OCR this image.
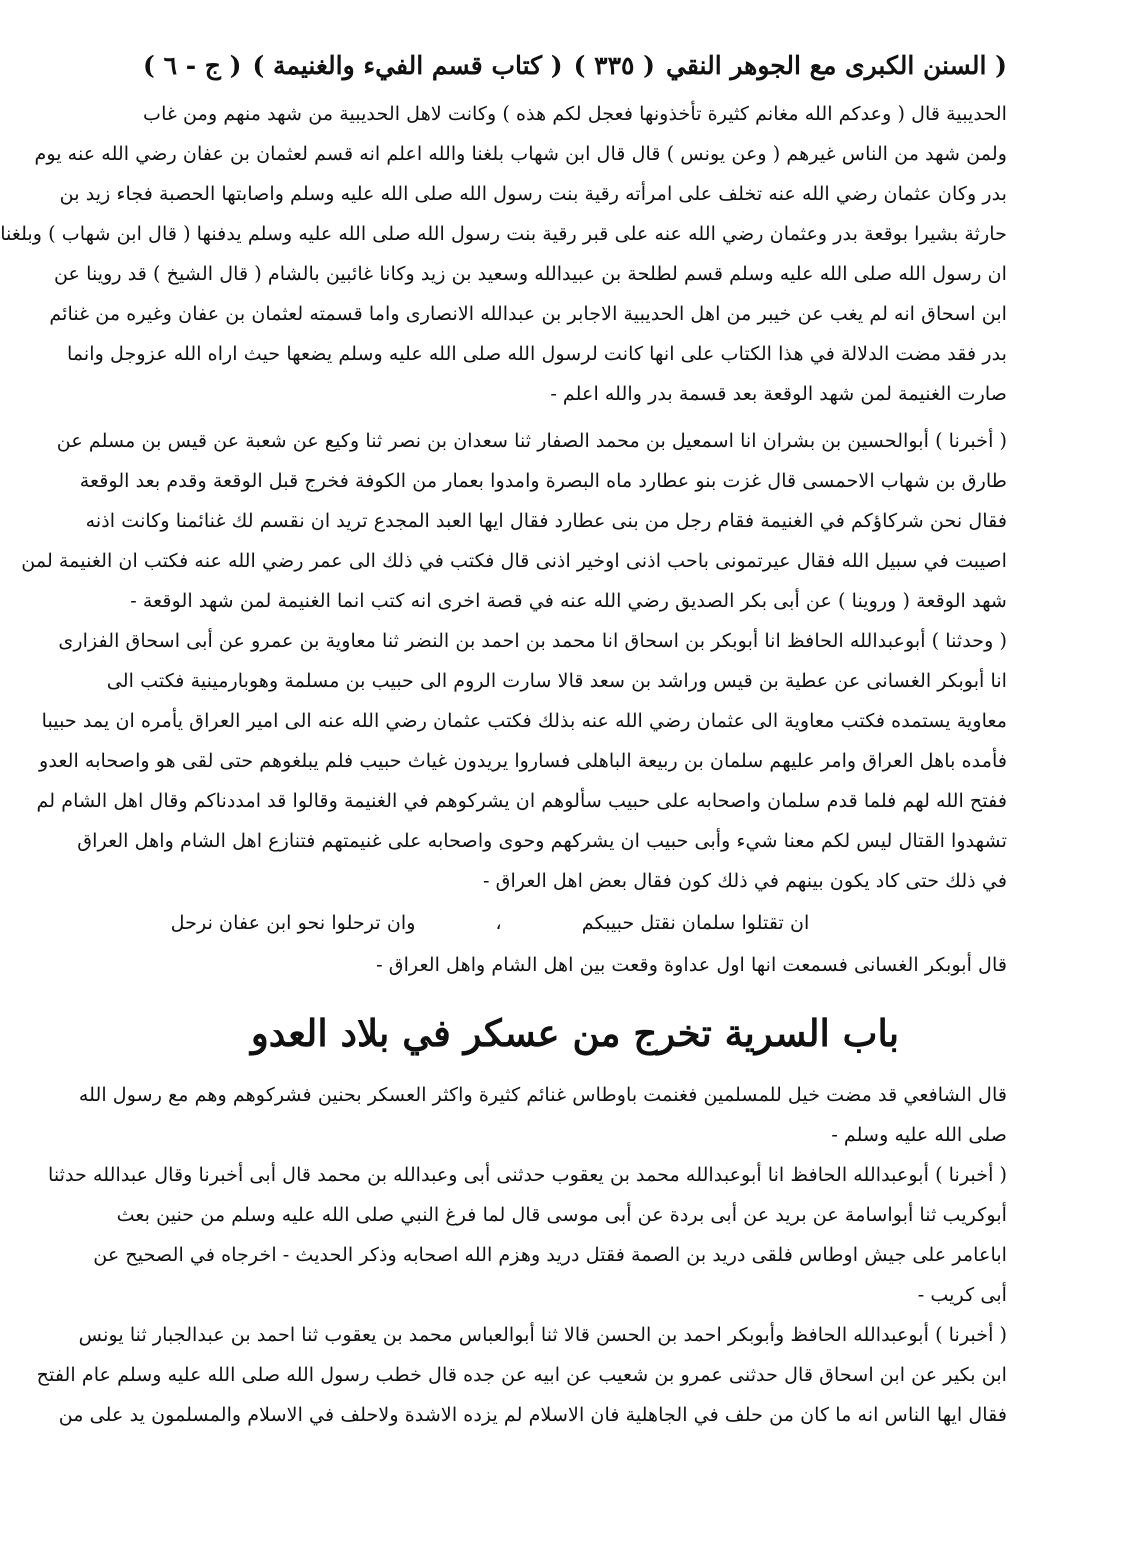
( السنن الكبرى مع الجوهر النقي
( ٣٣٥ )
( كتاب قسم الفيء والغنيمة )
( ج - ٦ )
الحديبية قال ( وعدكم الله مغانم كثيرة تأخذونها فعجل لكم هذه ) وكانت لاهل الحديبية من شهد منهم ومن غاب
ولمن شهد من الناس غيرهم ( وعن يونس ) قال قال ابن شهاب بلغنا والله اعلم انه قسم لعثمان بن عفان رضي الله عنه يوم
بدر وكان عثمان رضي الله عنه تخلف على امرأته رقية بنت رسول الله صلى الله عليه وسلم واصابتها الحصبة فجاء زيد بن
حارثة بشيرا بوقعة بدر وعثمان رضي الله عنه على قبر رقية بنت رسول الله صلى الله عليه وسلم يدفنها ( قال ابن شهاب ) وبلغنا
ان رسول الله صلى الله عليه وسلم قسم لطلحة بن عبيدالله وسعيد بن زيد وكانا غائبين بالشام ( قال الشيخ ) قد روينا عن
ابن اسحاق انه لم يغب عن خيبر من اهل الحديبية الاجابر بن عبدالله الانصارى واما قسمته لعثمان بن عفان وغيره من غنائم
بدر فقد مضت الدلالة في هذا الكتاب على انها كانت لرسول الله صلى الله عليه وسلم يضعها حيث اراه الله عزوجل وانما
صارت الغنيمة لمن شهد الوقعة بعد قسمة بدر والله اعلم -
( أخبرنا ) أبوالحسين بن بشران انا اسمعيل بن محمد الصفار ثنا سعدان بن نصر ثنا وكيع عن شعبة عن قيس بن مسلم عن
طارق بن شهاب الاحمسى قال غزت بنو عطارد ماه البصرة وامدوا بعمار من الكوفة فخرج قبل الوقعة وقدم بعد الوقعة
فقال نحن شركاؤكم في الغنيمة فقام رجل من بنى عطارد فقال ايها العبد المجدع تريد ان نقسم لك غنائمنا وكانت اذنه
اصيبت في سبيل الله فقال عيرتمونى باحب اذنى اوخير اذنى قال فكتب في ذلك الى عمر رضي الله عنه فكتب ان الغنيمة لمن
شهد الوقعة ( وروينا ) عن أبى بكر الصديق رضي الله عنه في قصة اخرى انه كتب انما الغنيمة لمن شهد الوقعة -
( وحدثنا ) أبوعبدالله الحافظ انا أبوبكر بن اسحاق انا محمد بن احمد بن النضر ثنا معاوية بن عمرو عن أبى اسحاق الفزارى
انا أبوبكر الغسانى عن عطية بن قيس وراشد بن سعد قالا سارت الروم الى حبيب بن مسلمة وهوبارمينية فكتب الى
معاوية يستمده فكتب معاوية الى عثمان رضي الله عنه بذلك فكتب عثمان رضي الله عنه الى امير العراق يأمره ان يمد حبيبا
فأمده باهل العراق وامر عليهم سلمان بن ربيعة الباهلى فساروا يريدون غياث حبيب فلم يبلغوهم حتى لقى هو واصحابه العدو
ففتح الله لهم فلما قدم سلمان واصحابه على حبيب سألوهم ان يشركوهم في الغنيمة وقالوا قد امددناكم وقال اهل الشام لم
تشهدوا القتال ليس لكم معنا شيء وأبى حبيب ان يشركهم وحوى واصحابه على غنيمتهم فتنازع اهل الشام واهل العراق
في ذلك حتى كاد يكون بينهم في ذلك كون فقال بعض اهل العراق -
ان تقتلوا سلمان نقتل حبيبكم
،
وان ترحلوا نحو ابن عفان نرحل
قال أبوبكر الغسانى فسمعت انها اول عداوة وقعت بين اهل الشام واهل العراق -
باب السرية تخرج من عسكر في بلاد العدو
قال الشافعي قد مضت خيل للمسلمين فغنمت باوطاس غنائم كثيرة واكثر العسكر بحنين فشركوهم وهم مع رسول الله
صلى الله عليه وسلم -
( أخبرنا ) أبوعبدالله الحافظ انا أبوعبدالله محمد بن يعقوب حدثنى أبى وعبدالله بن محمد قال أبى أخبرنا وقال عبدالله حدثنا
أبوكريب ثنا أبواسامة عن بريد عن أبى بردة عن أبى موسى قال لما فرغ النبي صلى الله عليه وسلم من حنين بعث
اباعامر على جيش اوطاس فلقى دريد بن الصمة فقتل دريد وهزم الله اصحابه وذكر الحديث - اخرجاه في الصحيح عن
أبى كريب -
( أخبرنا ) أبوعبدالله الحافظ وأبوبكر احمد بن الحسن قالا ثنا أبوالعباس محمد بن يعقوب ثنا احمد بن عبدالجبار ثنا يونس
ابن بكير عن ابن اسحاق قال حدثنى عمرو بن شعيب عن ابيه عن جده قال خطب رسول الله صلى الله عليه وسلم عام الفتح
فقال ايها الناس انه ما كان من حلف في الجاهلية فان الاسلام لم يزده الاشدة ولاحلف في الاسلام والمسلمون يد على من
